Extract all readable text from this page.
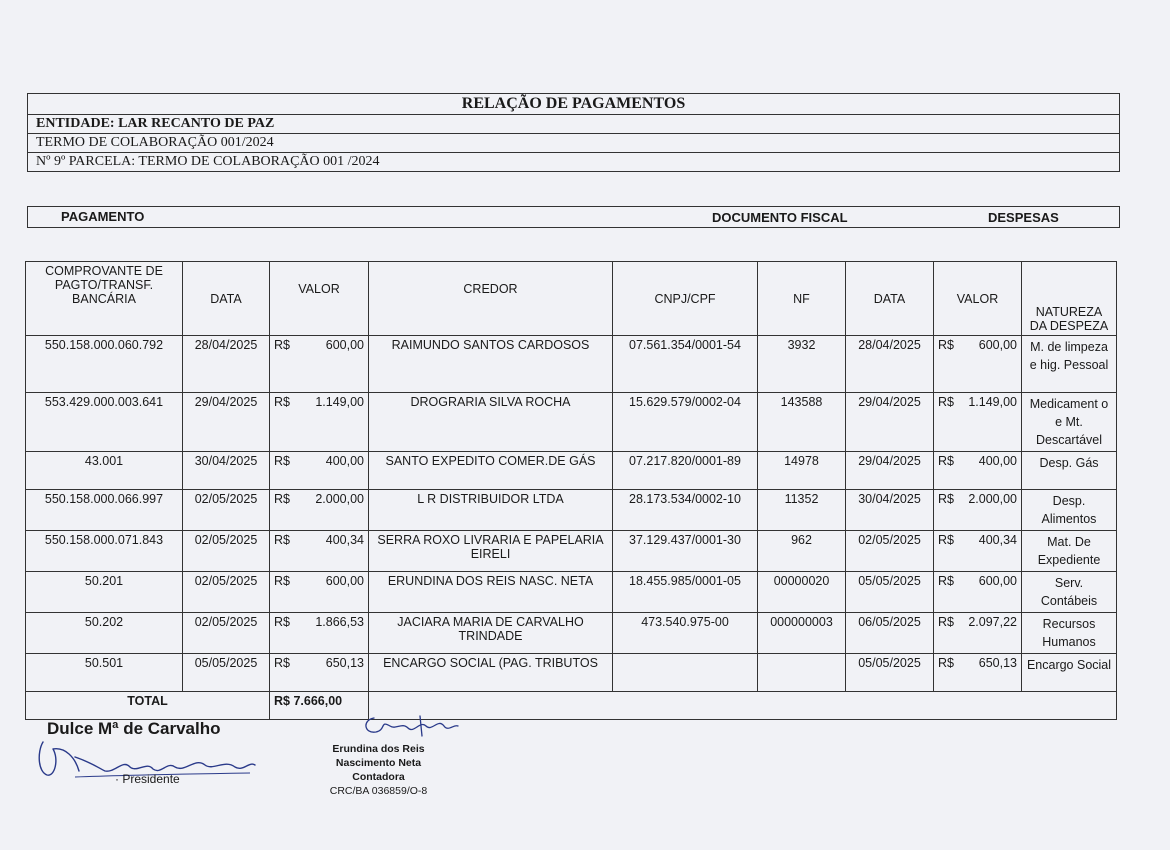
RELAÇÃO DE PAGAMENTOS
ENTIDADE: LAR RECANTO DE PAZ
TERMO DE COLABORAÇÃO 001/2024
Nº 9º PARCELA: TERMO DE COLABORAÇÃO 001 /2024
PAGAMENTO	DOCUMENTO FISCAL	DESPESAS
COMPROVANTE DE PAGTO/TRANSF. BANCÁRIA	DATA	VALOR	CREDOR	CNPJ/CPF	NF	DATA	VALOR	NATUREZA DA DESPEZA
550.158.000.060.792	28/04/2025	R$ 600,00	RAIMUNDO SANTOS CARDOSOS	07.561.354/0001-54	3932	28/04/2025	R$ 600,00	M. de limpeza e hig. Pessoal
553.429.000.003.641	29/04/2025	R$ 1.149,00	DROGRARIA SILVA ROCHA	15.629.579/0002-04	143588	29/04/2025	R$ 1.149,00	Medicament o e Mt. Descartável
43.001	30/04/2025	R$ 400,00	SANTO EXPEDITO COMER.DE GÁS	07.217.820/0001-89	14978	29/04/2025	R$ 400,00	Desp. Gás
550.158.000.066.997	02/05/2025	R$ 2.000,00	L R DISTRIBUIDOR LTDA	28.173.534/0002-10	11352	30/04/2025	R$ 2.000,00	Desp. Alimentos
550.158.000.071.843	02/05/2025	R$ 400,34	SERRA ROXO LIVRARIA E PAPELARIA EIRELI	37.129.437/0001-30	962	02/05/2025	R$ 400,34	Mat. De Expediente
50.201	02/05/2025	R$ 600,00	ERUNDINA DOS REIS NASC. NETA	18.455.985/0001-05	00000020	05/05/2025	R$ 600,00	Serv. Contábeis
50.202	02/05/2025	R$ 1.866,53	JACIARA MARIA DE CARVALHO TRINDADE	473.540.975-00	000000003	06/05/2025	R$ 2.097,22	Recursos Humanos
50.501	05/05/2025	R$ 650,13	ENCARGO SOCIAL (PAG. TRIBUTOS			05/05/2025	R$ 650,13	Encargo Social
TOTAL		R$ 7.666,00						
Dulce Mª de Carvalho
· Presidente
Erundina dos Reis Nascimento Neta
Contadora
CRC/BA 036859/O-8
